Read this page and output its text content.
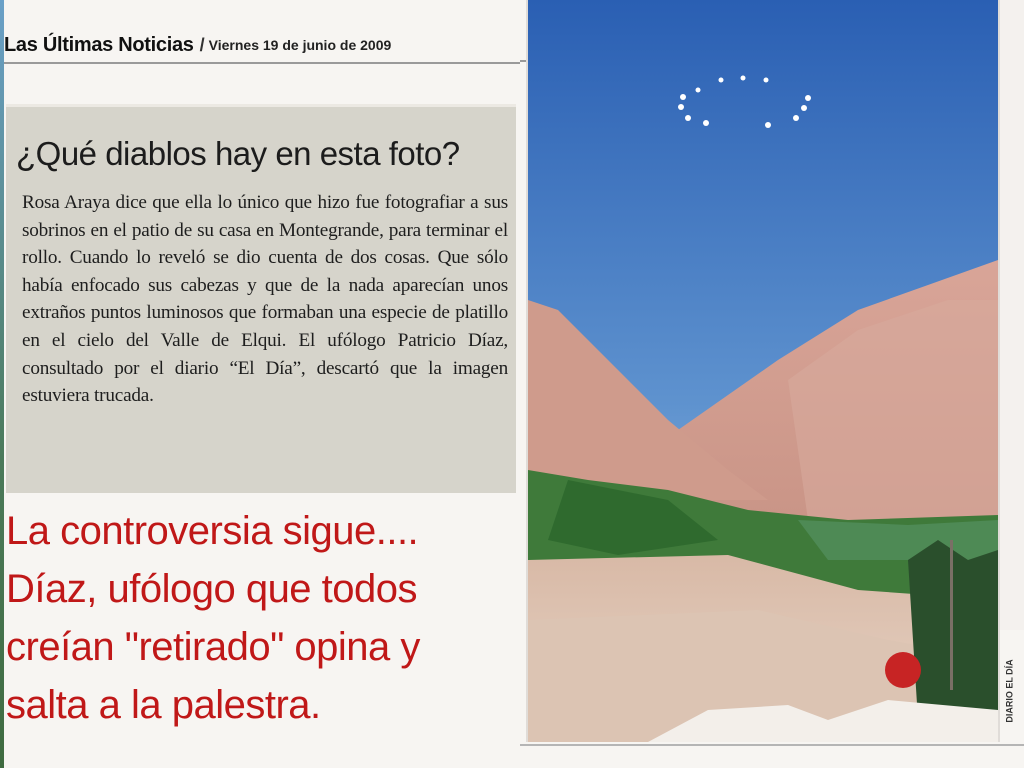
Las Últimas Noticias / Viernes 19 de junio de 2009
¿Qué diablos hay en esta foto?
Rosa Araya dice que ella lo único que hizo fue fotografiar a sus sobrinos en el patio de su casa en Montegrande, para terminar el rollo. Cuando lo reveló se dio cuenta de dos cosas. Que sólo había enfocado sus cabezas y que de la nada aparecían unos extraños puntos luminosos que formaban una especie de platillo en el cielo del Valle de Elqui. El ufólogo Patricio Díaz, consultado por el diario “El Día”, descartó que la imagen estuviera trucada.
La controversia sigue....
Díaz, ufólogo que todos
creían "retirado" opina y
salta a la palestra.	DIARIO EL DÍA
